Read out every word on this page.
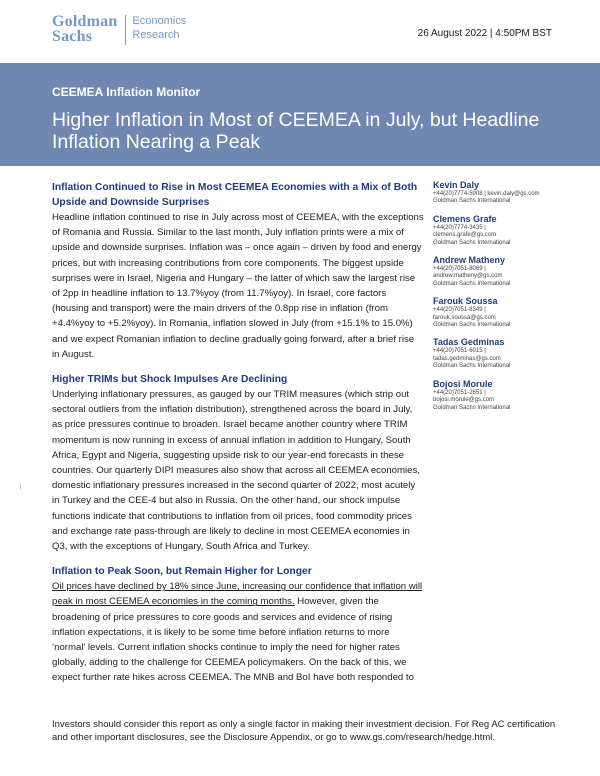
Goldman
Sachs
Economics
Research	26 August 2022 | 4:50PM BST
CEEMEA Inflation Monitor
Higher Inflation in Most of CEEMEA in July, but Headline Inflation Nearing a Peak
Inflation Continued to Rise in Most CEEMEA Economies with a Mix of Both Upside and Downside Surprises

Headline inflation continued to rise in July across most of CEEMEA, with the exceptions of Romania and Russia. Similar to the last month, July inflation prints were a mix of upside and downside surprises. Inflation was – once again – driven by food and energy prices, but with increasing contributions from core components. The biggest upside surprises were in Israel, Nigeria and Hungary – the latter of which saw the largest rise of 2pp in headline inflation to 13.7%yoy (from 11.7%yoy). In Israel, core factors (housing and transport) were the main drivers of the 0.8pp rise in inflation (from +4.4%yoy to +5.2%yoy). In Romania, inflation slowed in July (from +15.1% to 15.0%) and we expect Romanian inflation to decline gradually going forward, after a brief rise in August.

Higher TRIMs but Shock Impulses Are Declining

Underlying inflationary pressures, as gauged by our TRIM measures (which strip out sectoral outliers from the inflation distribution), strengthened across the board in July, as price pressures continue to broaden. Israel became another country where TRIM momentum is now running in excess of annual inflation in addition to Hungary, South Africa, Egypt and Nigeria, suggesting upside risk to our year-end forecasts in these countries. Our quarterly DIPI measures also show that across all CEEMEA economies, domestic inflationary pressures increased in the second quarter of 2022, most acutely in Turkey and the CEE-4 but also in Russia. On the other hand, our shock impulse functions indicate that contributions to inflation from oil prices, food commodity prices and exchange rate pass-through are likely to decline in most CEEMEA economies in Q3, with the exceptions of Hungary, South Africa and Turkey.

Inflation to Peak Soon, but Remain Higher for Longer

Oil prices have declined by 18% since June, increasing our confidence that inflation will peak in most CEEMEA economies in the coming months. However, given the broadening of price pressures to core goods and services and evidence of rising inflation expectations, it is likely to be some time before inflation returns to more ‘normal’ levels. Current inflation shocks continue to imply the need for higher rates globally, adding to the challenge for CEEMEA policymakers. On the back of this, we expect further rate hikes across CEEMEA. The MNB and BoI have both responded to

Kevin Daly
+44(20)7774-5908 | kevin.daly@gs.com
Goldman Sachs International
Clemens Grafe
+44(20)7774-3435 |
clemens.grafe@gs.com
Goldman Sachs International
Andrew Matheny
+44(20)7051-8069 |
andrew.matheny@gs.com
Goldman Sachs International
Farouk Soussa
+44(20)7051-8349 |
farouk.soussa@gs.com
Goldman Sachs International
Tadas Gedminas
+44(20)7051-6015 |
tadas.gedminas@gs.com
Goldman Sachs International
Bojosi Morule
+44(20)7051-2651 |
bojosi.morule@gs.com
Goldman Sachs International
|
Investors should consider this report as only a single factor in making their investment decision. For Reg AC certification and other important disclosures, see the Disclosure Appendix, or go to www.gs.com/research/hedge.html.
